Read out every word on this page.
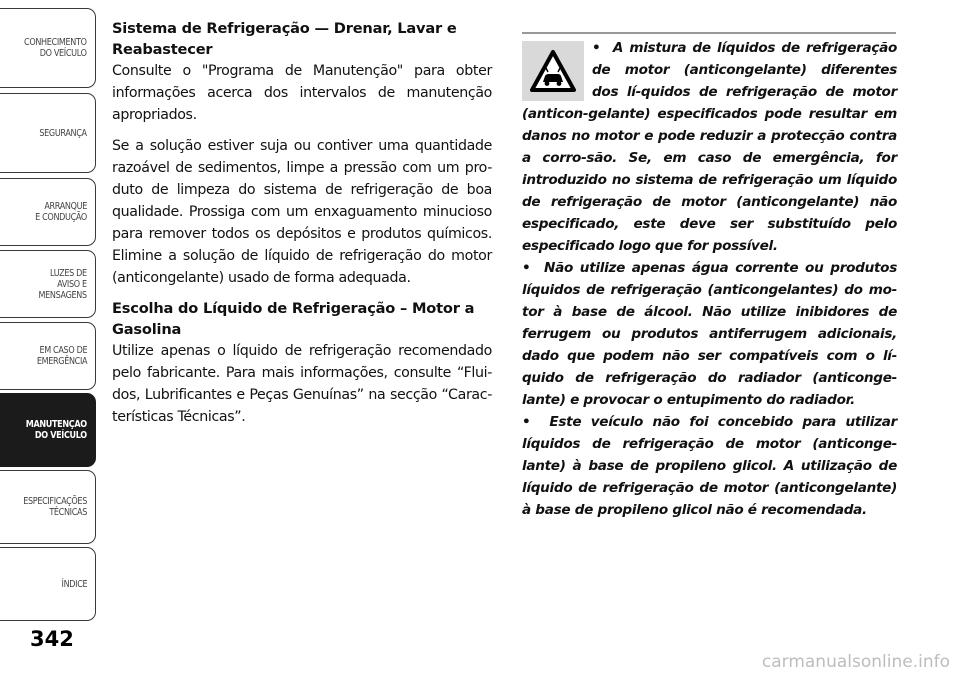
CONHECIMENTO
DO VEÍCULO
SEGURANÇA
ARRANQUE
E CONDUÇÃO
LUZES DE
AVISO E
MENSAGENS
EM CASO DE
EMERGÊNCIA
MANUTENÇÃO
DO VEÍCULO
ESPECIFICAÇÕES
TÉCNICAS
ÍNDICE
342
Sistema de Refrigeração — Drenar, Lavar e Reabastecer

Consulte o "Programa de Manutenção" para obter informações acerca dos intervalos de manutenção apropriados.

Se a solução estiver suja ou contiver uma quantidade razoável de sedimentos, limpe a pressão com um pro-duto de limpeza do sistema de refrigeração de boa qualidade. Prossiga com um enxaguamento minucioso para remover todos os depósitos e produtos químicos. Elimine a solução de líquido de refrigeração do motor (anticongelante) usado de forma adequada.

Escolha do Líquido de Refrigeração – Motor a Gasolina

Utilize apenas o líquido de refrigeração recomendado pelo fabricante. Para mais informações, consulte “Flui-dos, Lubrificantes e Peças Genuínas” na secção “Carac-terísticas Técnicas”.

• A mistura de líquidos de refrigeração de motor (anticongelante) diferentes dos lí-quidos de refrigeração de motor (anticon-gelante) especificados pode resultar em danos no motor e pode reduzir a protecção contra a corro-são. Se, em caso de emergência, for introduzido no sistema de refrigeração um líquido de refrigeração de motor (anticongelante) não especificado, este deve ser substituído pelo especificado logo que for possível.

• Não utilize apenas água corrente ou produtos líquidos de refrigeração (anticongelantes) do mo-tor à base de álcool. Não utilize inibidores de ferrugem ou produtos antiferrugem adicionais, dado que podem não ser compatíveis com o lí-quido de refrigeração do radiador (anticonge-lante) e provocar o entupimento do radiador.

• Este veículo não foi concebido para utilizar líquidos de refrigeração de motor (anticonge-lante) à base de propileno glicol. A utilização de líquido de refrigeração de motor (anticongelante) à base de propileno glicol não é recomendada.

carmanualsonline.info
